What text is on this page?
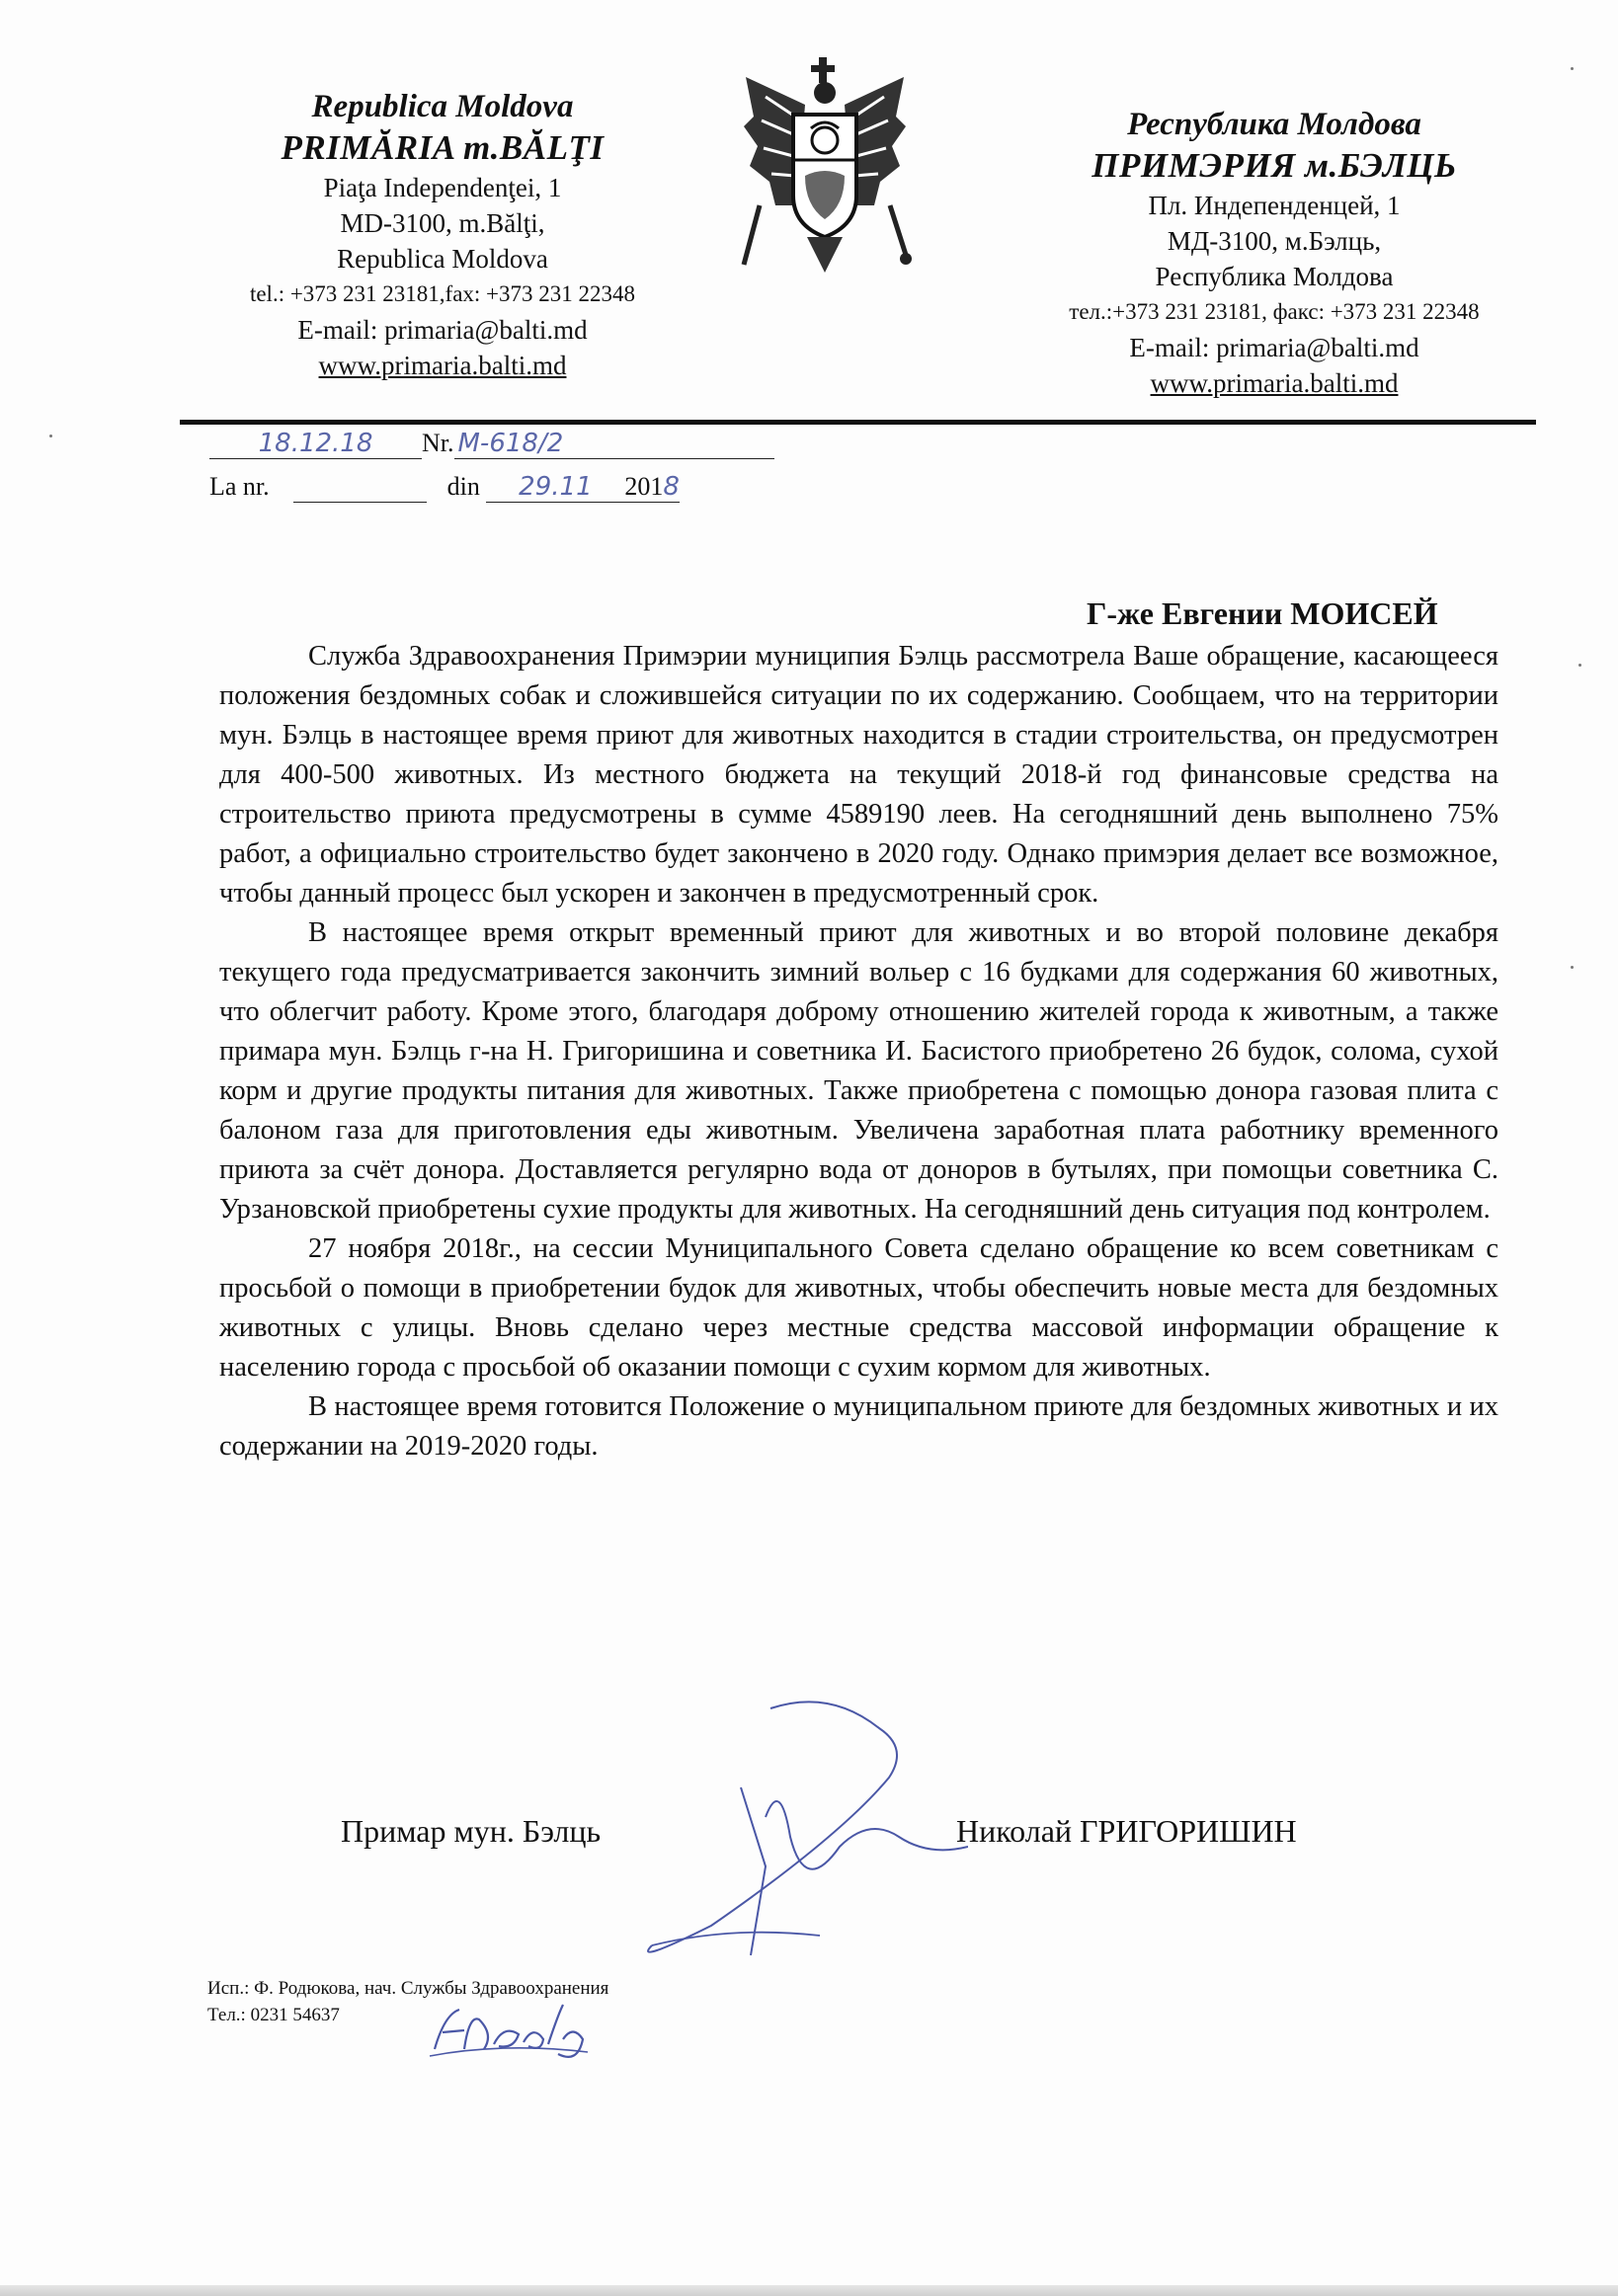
Republica Moldova
PRIMĂRIA m.BĂLŢI
Piaţa Independenţei, 1
MD-3100, m.Bălţi,
Republica Moldova
tel.: +373 231 23181,fax: +373 231 22348
E-mail: primaria@balti.md
www.primaria.balti.md
Республика Молдова
ПРИМЭРИЯ м.БЭЛЦЬ
Пл. Индепенденцей, 1
МД-3100, м.Бэлць,
Республика Молдова
тел.:+373 231 23181, факс: +373 231 22348
E-mail: primaria@balti.md
www.primaria.balti.md
18.12.18 Nr. M-618/2
La nr.	din 29.11 2018
Г-же Евгении МОИСЕЙ

Служба Здравоохранения Примэрии муниципия Бэлць рассмотрела Ваше обращение, касающееся положения бездомных собак и сложившейся ситуации по их содержанию. Сообщаем, что на территории мун. Бэлць в настоящее время приют для животных находится в стадии строительства, он предусмотрен для 400-500 животных. Из местного бюджета на текущий 2018-й год финансовые средства на строительство приюта предусмотрены в сумме 4589190 леев. На сегодняшний день выполнено 75% работ, а официально строительство будет закончено в 2020 году. Однако примэрия делает все возможное, чтобы данный процесс был ускорен и закончен в предусмотренный срок.

В настоящее время открыт временный приют для животных и во второй половине декабря текущего года предусматривается закончить зимний вольер с 16 будками для содержания 60 животных, что облегчит работу. Кроме этого, благодаря доброму отношению жителей города к животным, а также примара мун. Бэлць г-на Н. Григоришина и советника И. Басистого приобретено 26 будок, солома, сухой корм и другие продукты питания для животных. Также приобретена с помощью донора газовая плита с балоном газа для приготовления еды животным. Увеличена заработная плата работнику временного приюта за счёт донора. Доставляется регулярно вода от доноров в бутылях, при помощьи советника С. Урзановской приобретены сухие продукты для животных. На сегодняшний день ситуация под контролем.

27 ноября 2018г., на сессии Муниципального Совета сделано обращение ко всем советникам с просьбой о помощи в приобретении будок для животных, чтобы обеспечить новые места для бездомных животных с улицы. Вновь сделано через местные средства массовой информации обращение к населению города с просьбой об оказании помощи с сухим кормом для животных.

В настоящее время готовится Положение о муниципальном приюте для бездомных животных и их содержании на 2019-2020 годы.

Примар мун. Бэлць	Николай ГРИГОРИШИН
Исп.: Ф. Родюкова, нач. Службы Здравоохранения
Тел.: 0231 54637
